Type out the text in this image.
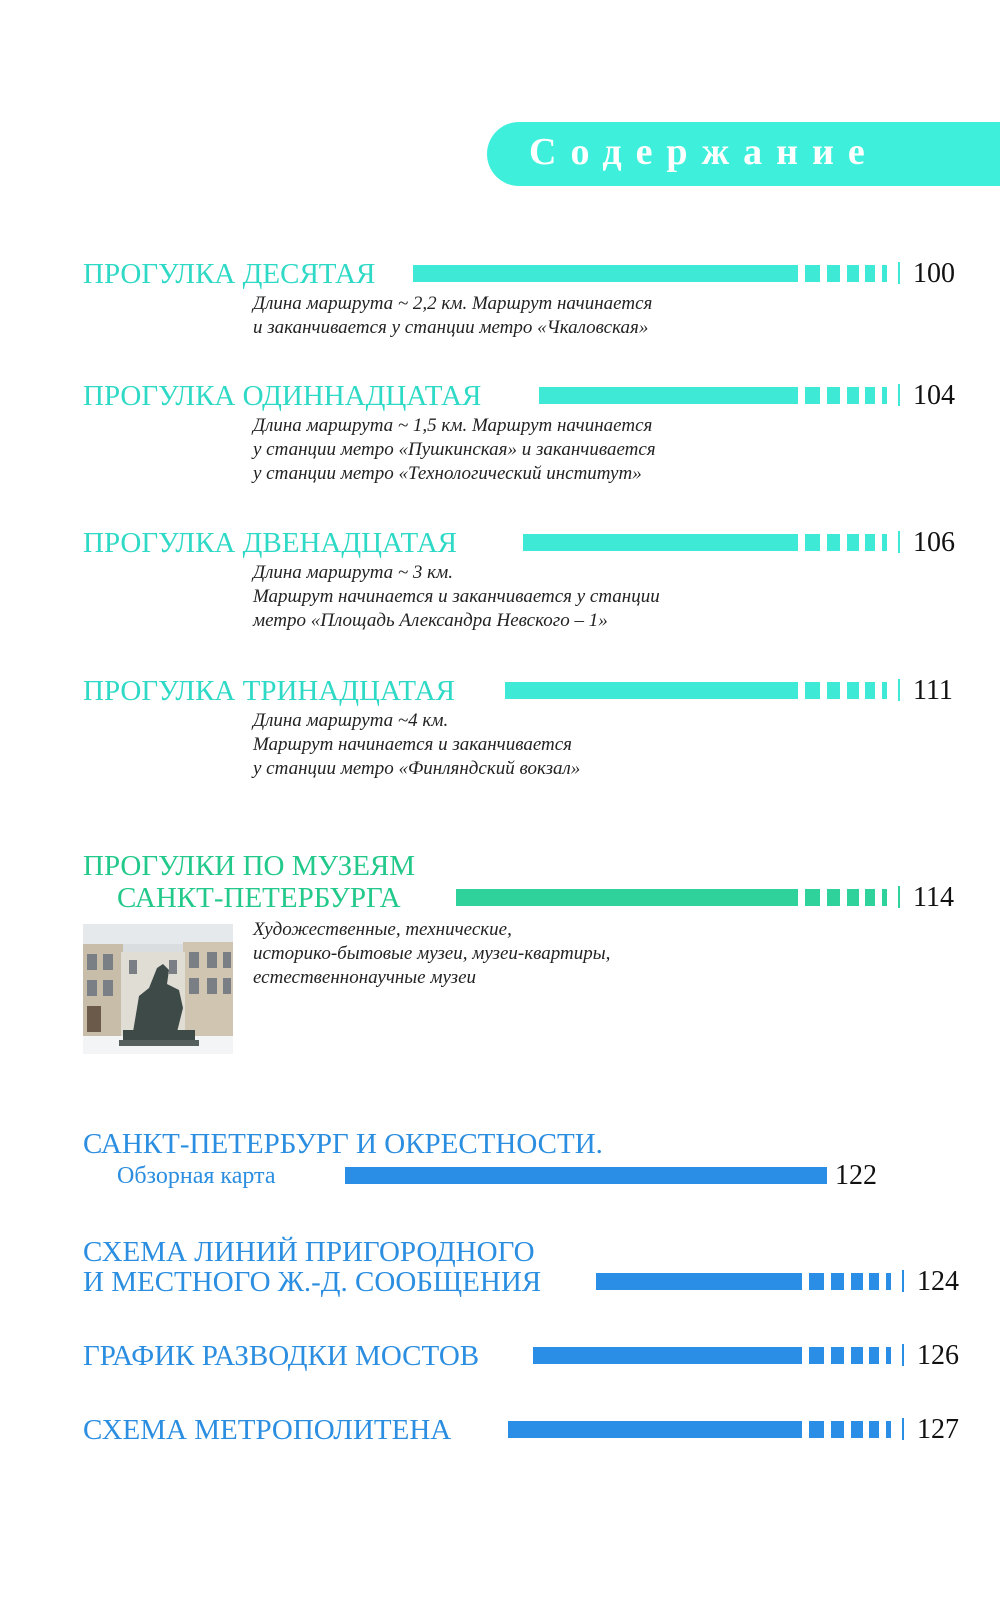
Содержание
ПРОГУЛКА ДЕСЯТАЯ	100
Длина маршрута ~ 2,2 км. Маршрут начинается
и заканчивается у станции метро «Чкаловская»
ПРОГУЛКА ОДИННАДЦАТАЯ	104
Длина маршрута ~ 1,5 км. Маршрут начинается
у станции метро «Пушкинская» и заканчивается
у станции метро «Технологический институт»
ПРОГУЛКА ДВЕНАДЦАТАЯ	106
Длина маршрута ~ 3 км.
Маршрут начинается и заканчивается у станции
метро «Площадь Александра Невского – 1»
ПРОГУЛКА ТРИНАДЦАТАЯ	111
Длина маршрута ~4 км.
Маршрут начинается и заканчивается
у станции метро «Финляндский вокзал»
ПРОГУЛКИ ПО МУЗЕЯМ
САНКТ-ПЕТЕРБУРГА	114
Художественные, технические,
историко-бытовые музеи, музеи-квартиры,
естественнонаучные музеи
САНКТ-ПЕТЕРБУРГ И ОКРЕСТНОСТИ.
Обзорная карта	122
СХЕМА ЛИНИЙ ПРИГОРОДНОГО
И МЕСТНОГО Ж.-Д. СООБЩЕНИЯ	124
ГРАФИК РАЗВОДКИ МОСТОВ	126
СХЕМА МЕТРОПОЛИТЕНА	127
